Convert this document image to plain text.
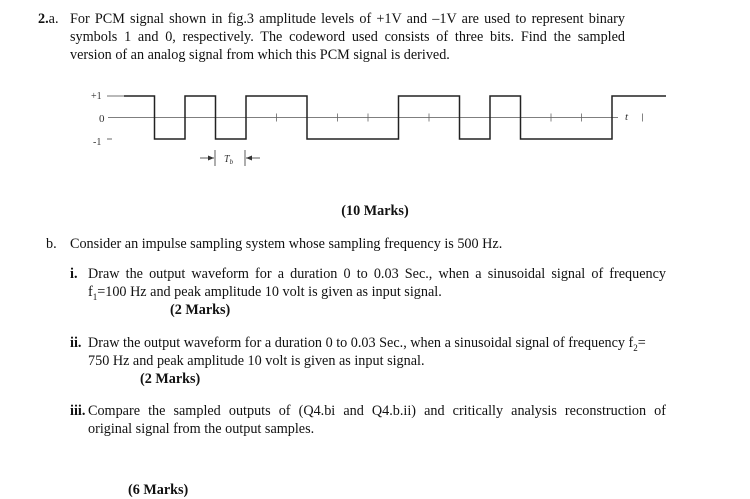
2.a. For PCM signal shown in fig.3 amplitude levels of +1V and –1V are used to represent binary
symbols 1 and 0, respectively. The codeword used consists of three bits. Find the sampled
version of an analog signal from which this PCM signal is derived.
+1
0
-1
t
$T_b$
(10 Marks)
b. Consider an impulse sampling system whose sampling frequency is 500 Hz.
i. Draw the output waveform for a duration 0 to 0.03 Sec., when a sinusoidal signal of frequency
$f_1=100$ Hz and peak amplitude 10 volt is given as input signal.
(2 Marks)
ii. Draw the output waveform for a duration 0 to 0.03 Sec., when a sinusoidal signal of frequency $f_2=$
750 Hz and peak amplitude 10 volt is given as input signal.
(2 Marks)
iii. Compare the sampled outputs of (Q4.bi and Q4.b.ii) and critically analysis reconstruction of
original signal from the output samples.
(6 Marks)
